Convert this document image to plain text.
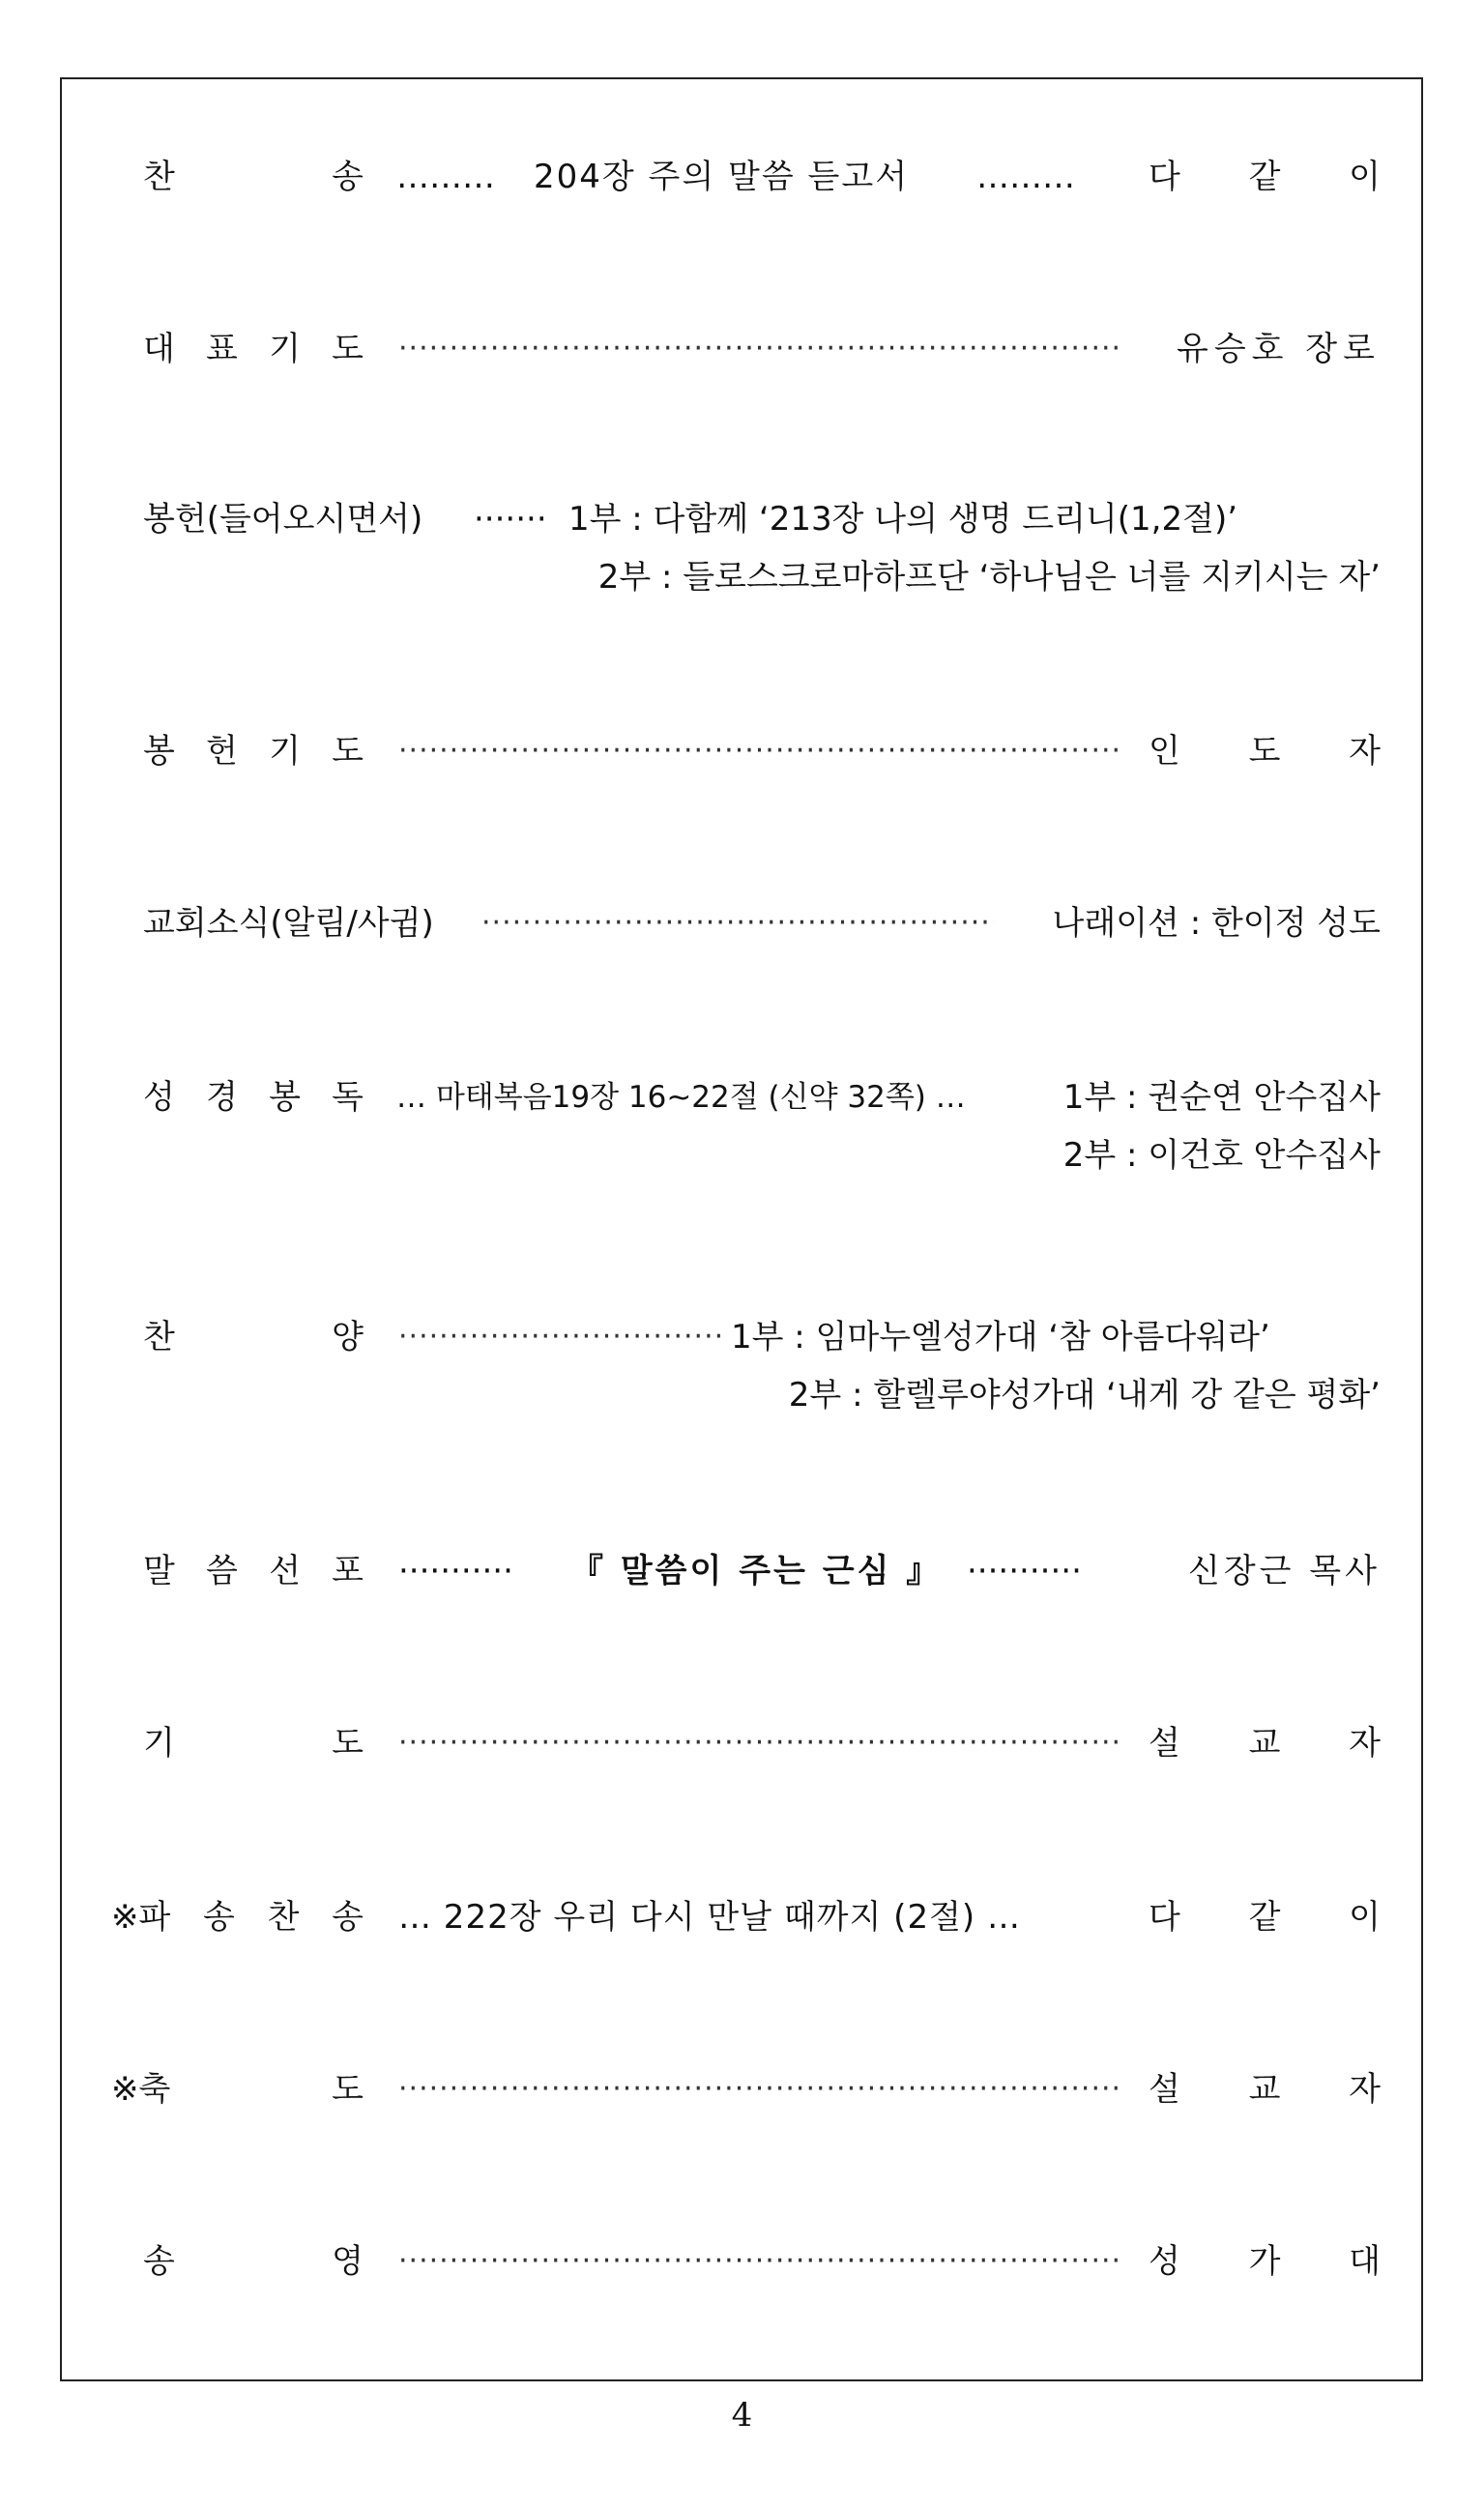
찬	송 ……… 204장 주의 말씀 듣고서 ……… 다 같 이
대 표 기 도 ·····	유승호 장로
봉헌(들어오시면서) ······· 1부 : 다함께 ‘213장 나의 생명 드리니(1,2절)’
2부 : 들로스크로마하프단 ‘하나님은 너를 지키시는 자’
봉 헌 기 도 ·····	인 도 자
교회소식(알림/사귐) ·····	나래이션 : 한이정 성도
성 경 봉 독 … 마태복음19장 16~22절 (신약 32쪽) …	1부 : 권순연 안수집사
2부 : 이건호 안수집사
찬	양 ·····	1부 : 임마누엘성가대 ‘참 아름다워라’
2부 : 할렐루야성가대 ‘내게 강 같은 평화’
말 씀 선 포 ··········· 『 말씀이 주는 근심 』 ···········	신장근 목사
기	도 ·····	설 교 자
※파 송 찬 송 … 222장 우리 다시 만날 때까지 (2절) …	다 같 이
※축	도 ·····	설 교 자
송	영 ·····	성 가 대
4
